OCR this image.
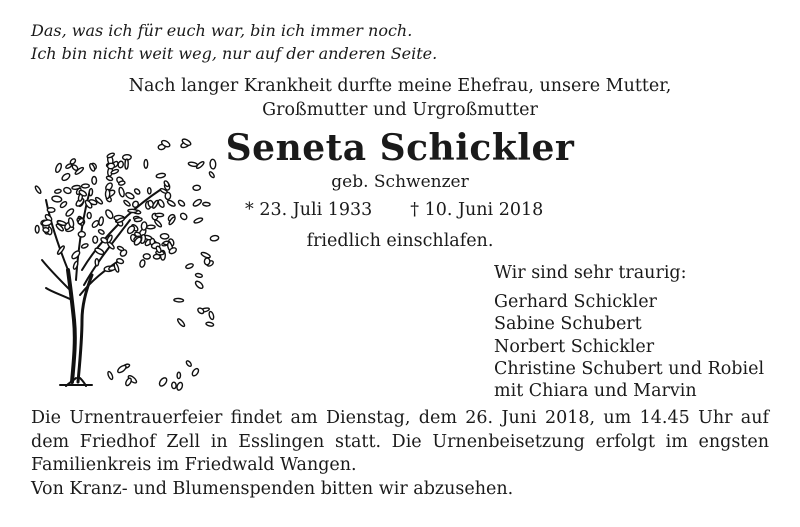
Das, was ich für euch war, bin ich immer noch.
Ich bin nicht weit weg, nur auf der anderen Seite.
Nach langer Krankheit durfte meine Ehefrau, unsere Mutter,
Großmutter und Urgroßmutter
Seneta Schickler
geb. Schwenzer
* 23. Juli 1933 † 10. Juni 2018
friedlich einschlafen.
Wir sind sehr traurig:
Gerhard Schickler
Sabine Schubert
Norbert Schickler
Christine Schubert und Robiel
mit Chiara und Marvin
Die Urnentrauerfeier findet am Dienstag, dem 26. Juni 2018, um 14.45 Uhr auf
dem Friedhof Zell in Esslingen statt. Die Urnenbeisetzung erfolgt im engsten
Familienkreis im Friedwald Wangen.
Von Kranz- und Blumenspenden bitten wir abzusehen.
